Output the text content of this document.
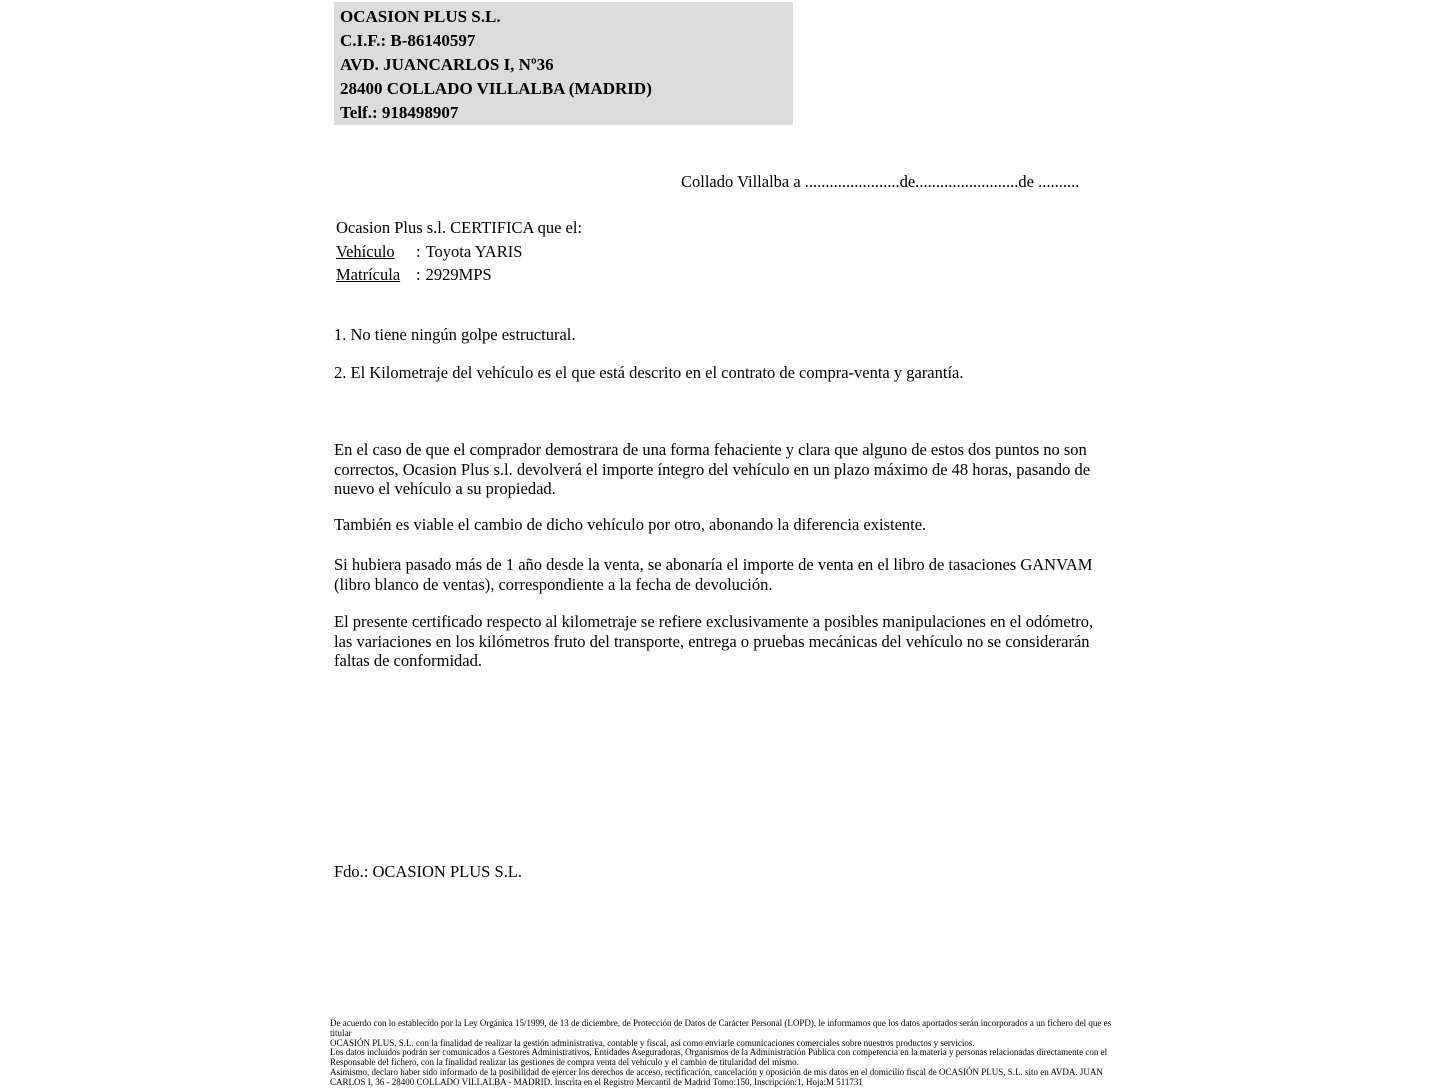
OCASION PLUS S.L.
C.I.F.: B-86140597
AVD. JUANCARLOS I, Nº36
28400 COLLADO VILLALBA (MADRID)
Telf.: 918498907
Collado Villalba a .......................de.........................de ..........
Ocasion Plus s.l. CERTIFICA que el:
Vehículo : Toyota YARIS
Matrícula : 2929MPS
1. No tiene ningún golpe estructural.
2. El Kilometraje del vehículo es el que está descrito en el contrato de compra-venta y garantía.
En el caso de que el comprador demostrara de una forma fehaciente y clara que alguno de estos dos puntos no son correctos, Ocasion Plus s.l. devolverá el importe íntegro del vehículo en un plazo máximo de 48 horas, pasando de nuevo el vehículo a su propiedad.
También es viable el cambio de dicho vehículo por otro, abonando la diferencia existente.
Si hubiera pasado más de 1 año desde la venta, se abonaría el importe de venta en el libro de tasaciones GANVAM (libro blanco de ventas), correspondiente a la fecha de devolución.
El presente certificado respecto al kilometraje se refiere exclusivamente a posibles manipulaciones en el odómetro, las variaciones en los kilómetros fruto del transporte, entrega o pruebas mecánicas del vehículo no se considerarán faltas de conformidad.
Fdo.: OCASION PLUS S.L.
De acuerdo con lo establecido por la Ley Orgánica 15/1999, de 13 de diciembre, de Protección de Datos de Carácter Personal (LOPD), le informamos que los datos aportados serán incorporados a un fichero del que es titular
OCASIÓN PLUS, S.L. con la finalidad de realizar la gestión administrativa, contable y fiscal, así como enviarle comunicaciones comerciales sobre nuestros productos y servicios.
Los datos incluidos podrán ser comunicados a Gestores Administrativos, Entidades Aseguradoras, Organismos de la Administración Pública con competencia en la materia y personas relacionadas directamente con el
Responsable del fichero, con la finalidad realizar las gestiones de compra venta del vehículo y el cambio de titularidad del mismo.
Asimismo, declaro haber sido informado de la posibilidad de ejercer los derechos de acceso, rectificación, cancelación y oposición de mis datos en el domicilio fiscal de OCASIÓN PLUS, S.L. sito en AVDA. JUAN
CARLOS I, 36 - 28400 COLLADO VILLALBA - MADRID. Inscrita en el Registro Mercantil de Madrid Tomo:150, Inscripción:1, Hoja:M 511731
